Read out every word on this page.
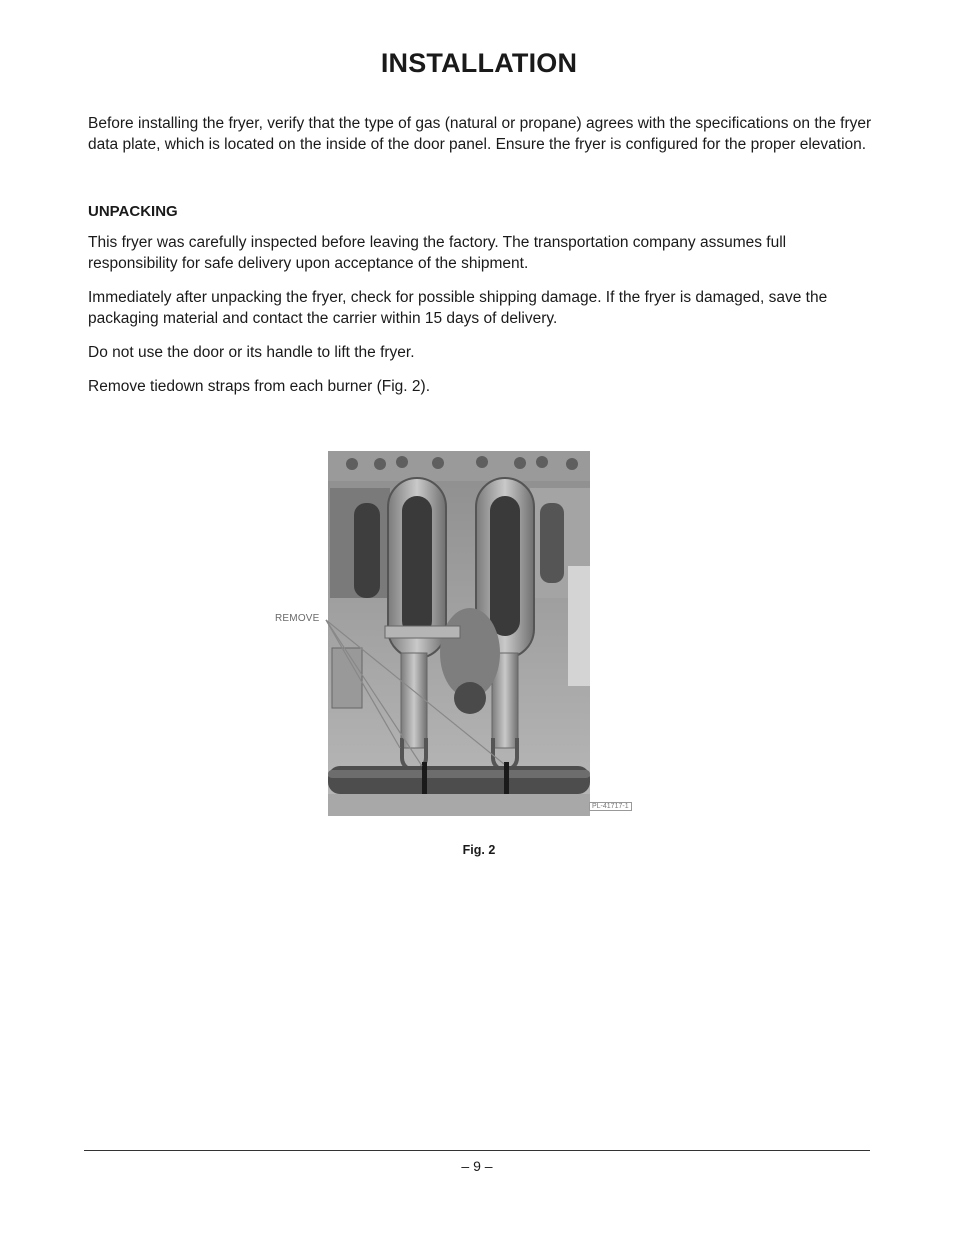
INSTALLATION

Before installing the fryer, verify that the type of gas (natural or propane) agrees with the specifications on the fryer data plate, which is located on the inside of the door panel. Ensure the fryer is configured for the proper elevation.

UNPACKING

This fryer was carefully inspected before leaving the factory. The transportation company assumes full responsibility for safe delivery upon acceptance of the shipment.

Immediately after unpacking the fryer, check for possible shipping damage. If the fryer is damaged, save the packaging material and contact the carrier within 15 days of delivery.

Do not use the door or its handle to lift the fryer.

Remove tiedown straps from each burner (Fig. 2).

REMOVE
PL-41717-1
Fig. 2
– 9 –
